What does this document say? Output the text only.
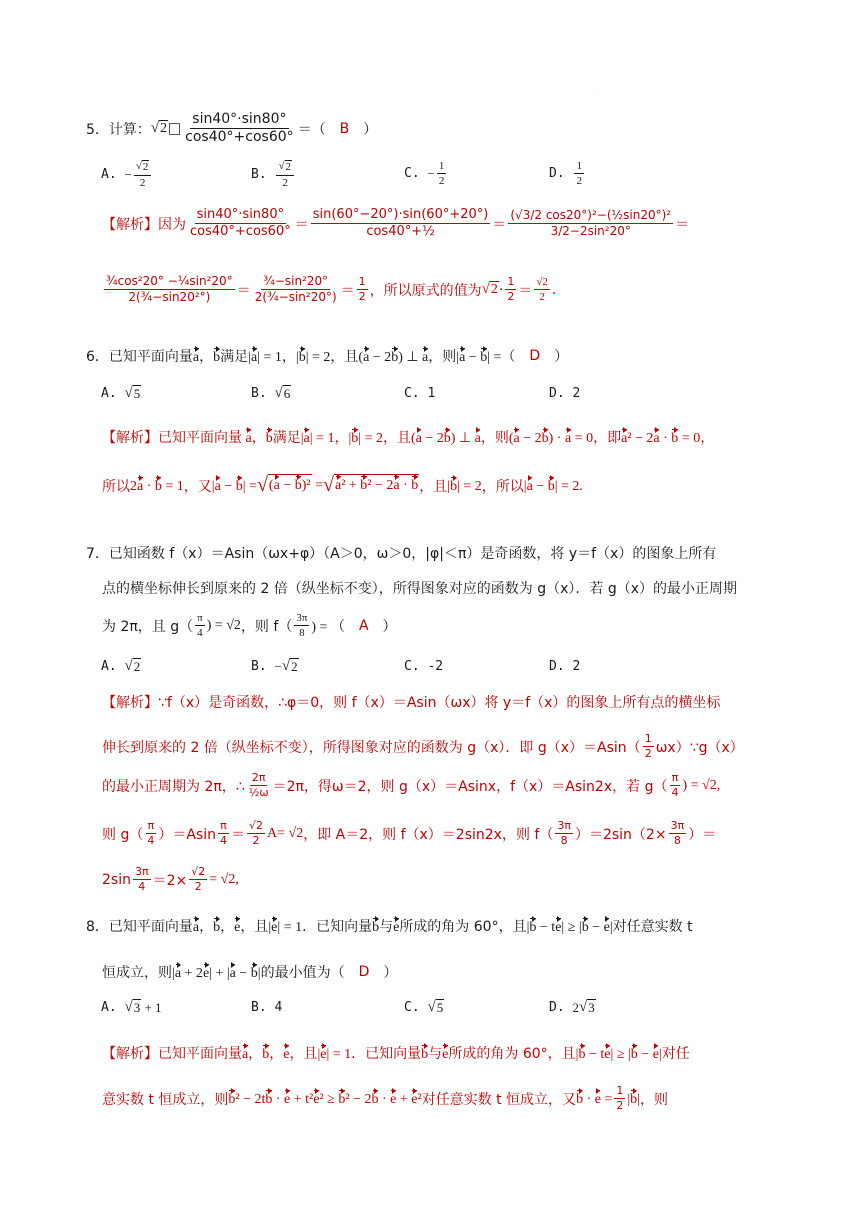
·
5．计算： √ 2
sin40°·sin80°
cos40°+cos60° ＝（ B ）
A.
− $\frac{√ 2}{2}$	B.

√ 2
2
C.
− $\frac{1}{2}$	D.

1
2
【解析】 因为
sin40°·sin80°
cos40°+cos60° ＝
sin(60°−20°)·sin(60°+20°)
cos40°+½	＝
(√3/2 cos20°)²−(½sin20°)²
3/2−2sin²20°	＝
¾cos²20° −¼sin²20°
2(¾−sin20²°) ＝
¾−sin²20°
2(¾−sin²20°) ＝
1
2 ，所以原式的值为 √ 2 ·
1
2 ＝
√2
2 .
6．已知平面向量 a ， b 满足 |a| = 1，|b| = 2，且(a − 2b) ⊥ a，则|a − b| =（ D ）
A.
√ 5	B.
√ 6	C. 1	D. 2
【解析】 已知平面向量 a，b 满足 |a| = 1，|b| = 2，且(a − 2b) ⊥ a，则(a − 2b) · a = 0，即a² − 2a · b = 0，
所以 2a · b = 1 ，又 |a − b| = √ (a − b)² = √ a² + b² − 2a · b ，且 |b| = 2 ，所以 |a − b| = 2.
7．已知函数 f（x）＝Asin（ωx+φ）（A＞0，ω＞0，|φ|＜π）是奇函数，将 y＝f（x）的图象上所有
点的横坐标伸长到原来的 2 倍（纵坐标不变），所得图象对应的函数为 g（x）．若 g（x）的最小正周期
为 2π，且 g（
π
4
) = √2 ，则 f（
3π
8 ) = （ A ）
A.
√ 2	B.
− √ 2	C. -2	D. 2
【解析】 ∵f（x）是奇函数，∴φ＝0，则 f（x）＝Asin（ωx）将 y＝f（x）的图象上所有点的横坐标
伸长到原来的 2 倍（纵坐标不变），所得图象对应的函数为 g（x）．即 g（x）＝Asin（
1
2 ωx）∵g（x）
的最小正周期为 2π，∴
2π
½ω ＝2π，得ω＝2，则 g（x）＝Asinx，f（x）＝Asin2x，若 g（
π
4 ) = √2,
则 g（
π
4 ）＝Asin
π
4 ＝
√2
2 A= √2 ，即 A＝2，则 f（x）＝2sin2x，则 f（
3π
8 ）$=2\sin(2\times \frac{3\pi}{8}$ ）＝
2sin
3π
$4 =2\times \frac{√2}{2} = √2$,
8．已知平面向量 a，b，e ，且 |e| = 1 ．已知向量 b 与 e 所成的角为 60°，且 |b − te| ≥ |b − e| 对任意实数 t
恒成立，则 |a + 2e| + |a − b| 的最小值为（ D ）
A.
√ 3 + 1	B. 4	C.
√ 5	D.
2 √ 3
【解析】 已知平面向量 a，b，e ，且 |e| = 1 ．已知向量 b 与 e 所成的角为 60°，且 |b − te| ≥ |b − e| 对任
意实数 t 恒成立，则 b² − 2tb · e + t²e² ≥ b² − 2b · e + e² 对任意实数 t 恒成立，又 $b \cdot e = \frac{1}{2} |b|$ ，则
